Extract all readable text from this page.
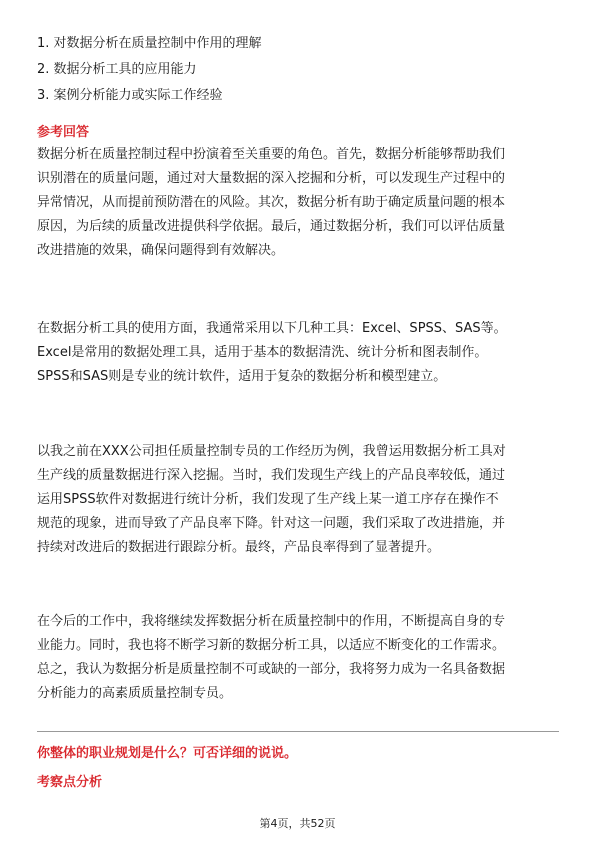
1. 对数据分析在质量控制中作用的理解
2. 数据分析工具的应用能力
3. 案例分析能力或实际工作经验
参考回答
数据分析在质量控制过程中扮演着至关重要的角色。首先，数据分析能够帮助我们
识别潜在的质量问题，通过对大量数据的深入挖掘和分析，可以发现生产过程中的
异常情况，从而提前预防潜在的风险。其次，数据分析有助于确定质量问题的根本
原因，为后续的质量改进提供科学依据。最后，通过数据分析，我们可以评估质量
改进措施的效果，确保问题得到有效解决。
在数据分析工具的使用方面，我通常采用以下几种工具：Excel、SPSS、SAS等。
Excel是常用的数据处理工具，适用于基本的数据清洗、统计分析和图表制作。
SPSS和SAS则是专业的统计软件，适用于复杂的数据分析和模型建立。
以我之前在XXX公司担任质量控制专员的工作经历为例，我曾运用数据分析工具对
生产线的质量数据进行深入挖掘。当时，我们发现生产线上的产品良率较低，通过
运用SPSS软件对数据进行统计分析，我们发现了生产线上某一道工序存在操作不
规范的现象，进而导致了产品良率下降。针对这一问题，我们采取了改进措施，并
持续对改进后的数据进行跟踪分析。最终，产品良率得到了显著提升。
在今后的工作中，我将继续发挥数据分析在质量控制中的作用，不断提高自身的专
业能力。同时，我也将不断学习新的数据分析工具，以适应不断变化的工作需求。
总之，我认为数据分析是质量控制不可或缺的一部分，我将努力成为一名具备数据
分析能力的高素质质量控制专员。
你整体的职业规划是什么？可否详细的说说。
考察点分析
第4页，共52页
